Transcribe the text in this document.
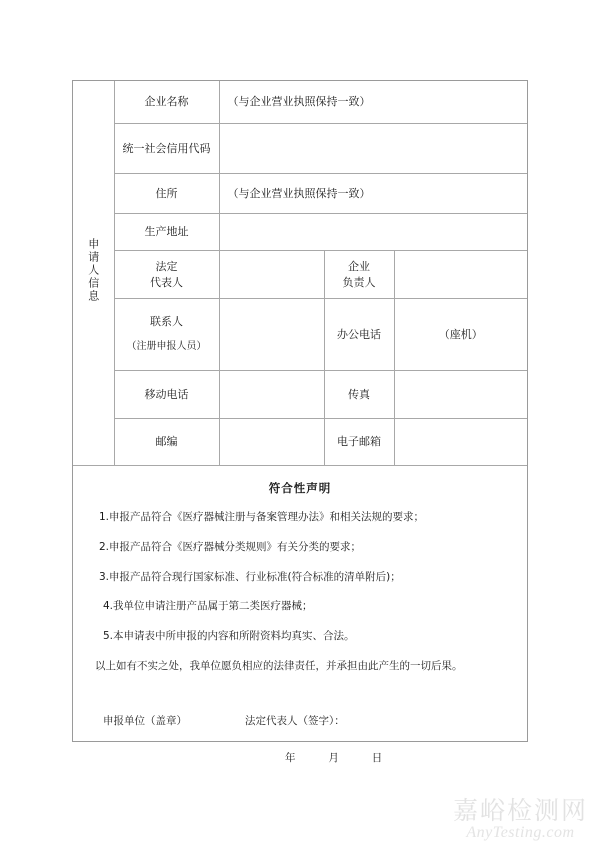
申请人信息	企业名称	（与企业营业执照保持一致）		
	统一社会信用代码			
	住所	（与企业营业执照保持一致）		
	生产地址			

	法定
代表人		企业
负责人	

	联系人
（注册申报人员）		办公电话	（座机）
	移动电话		传真	
	邮编		电子邮箱	
符合性声明

1.申报产品符合《医疗器械注册与备案管理办法》和相关法规的要求；

2.申报产品符合《医疗器械分类规则》有关分类的要求；

3.申报产品符合现行国家标准、行业标准(符合标准的清单附后)；

4.我单位申请注册产品属于第二类医疗器械；

5.本申请表中所申报的内容和所附资料均真实、合法。

以上如有不实之处，我单位愿负相应的法律责任，并承担由此产生的一切后果。

申报单位（盖章）	法定代表人（签字）：
年	月	日
嘉峪检测网
AnyTesting.com
